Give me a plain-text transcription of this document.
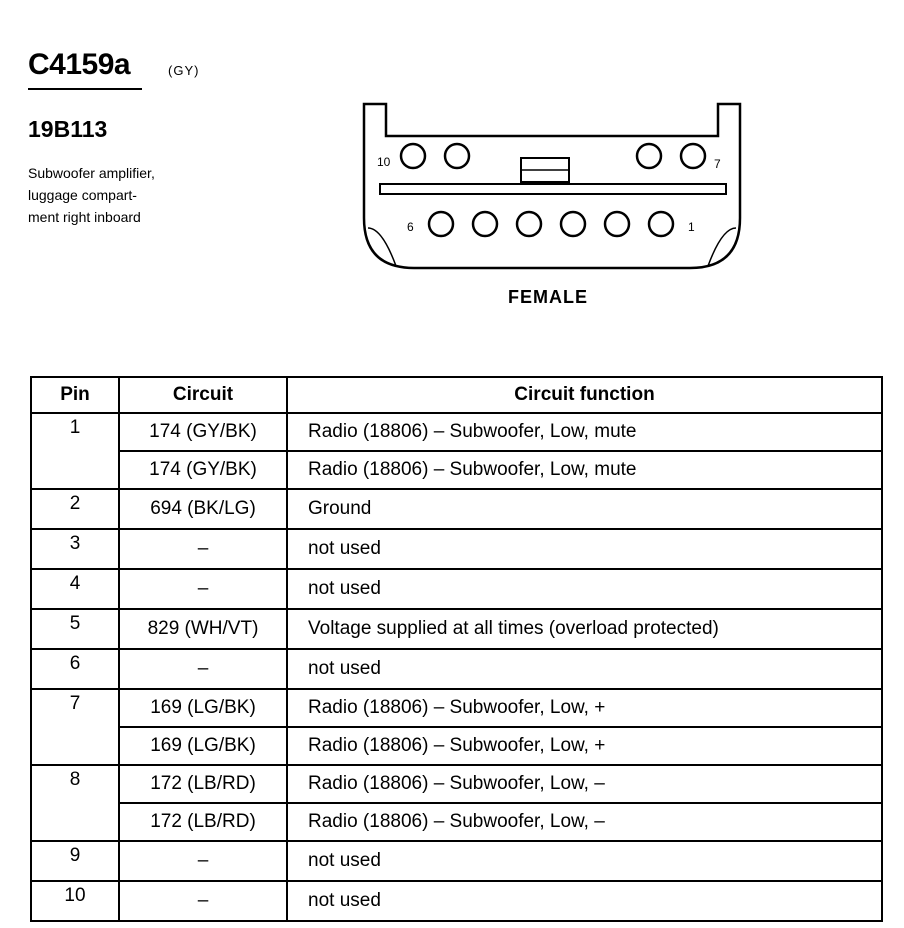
C4159a	(GY)
19B113
Subwoofer amplifier,
luggage compart-
ment right inboard
10	7
6	1
FEMALE
Pin	Circuit	Circuit function
1	174 (GY/BK)	Radio (18806) – Subwoofer, Low, mute
	174 (GY/BK)	Radio (18806) – Subwoofer, Low, mute
2	694 (BK/LG)	Ground
3	–	not used
4	–	not used
5	829 (WH/VT)	Voltage supplied at all times (overload protected)
6	–	not used
7	169 (LG/BK)	Radio (18806) – Subwoofer, Low, +
	169 (LG/BK)	Radio (18806) – Subwoofer, Low, +
8	172 (LB/RD)	Radio (18806) – Subwoofer, Low, –
	172 (LB/RD)	Radio (18806) – Subwoofer, Low, –
9	–	not used
10	–	not used
